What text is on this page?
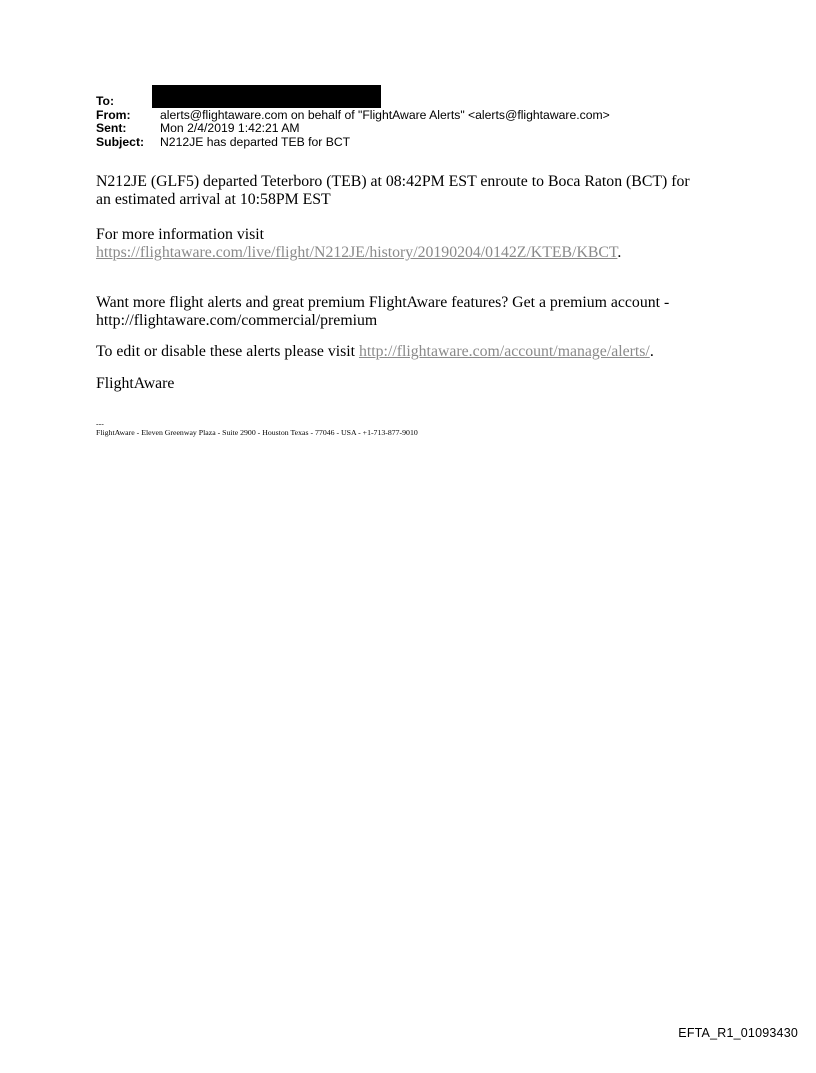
To:
From:	alerts@flightaware.com on behalf of "FlightAware Alerts" <alerts@flightaware.com>
Sent:	Mon 2/4/2019 1:42:21 AM
Subject:	N212JE has departed TEB for BCT

N212JE (GLF5) departed Teterboro (TEB) at 08:42PM EST enroute to Boca Raton (BCT) for
an estimated arrival at 10:58PM EST

For more information visit
https://flightaware.com/live/flight/N212JE/history/20190204/0142Z/KTEB/KBCT.

Want more flight alerts and great premium FlightAware features? Get a premium account -
http://flightaware.com/commercial/premium

To edit or disable these alerts please visit http://flightaware.com/account/manage/alerts/.

FlightAware

---
FlightAware - Eleven Greenway Plaza - Suite 2900 - Houston Texas - 77046 - USA - +1-713-877-9010
EFTA_R1_01093430
